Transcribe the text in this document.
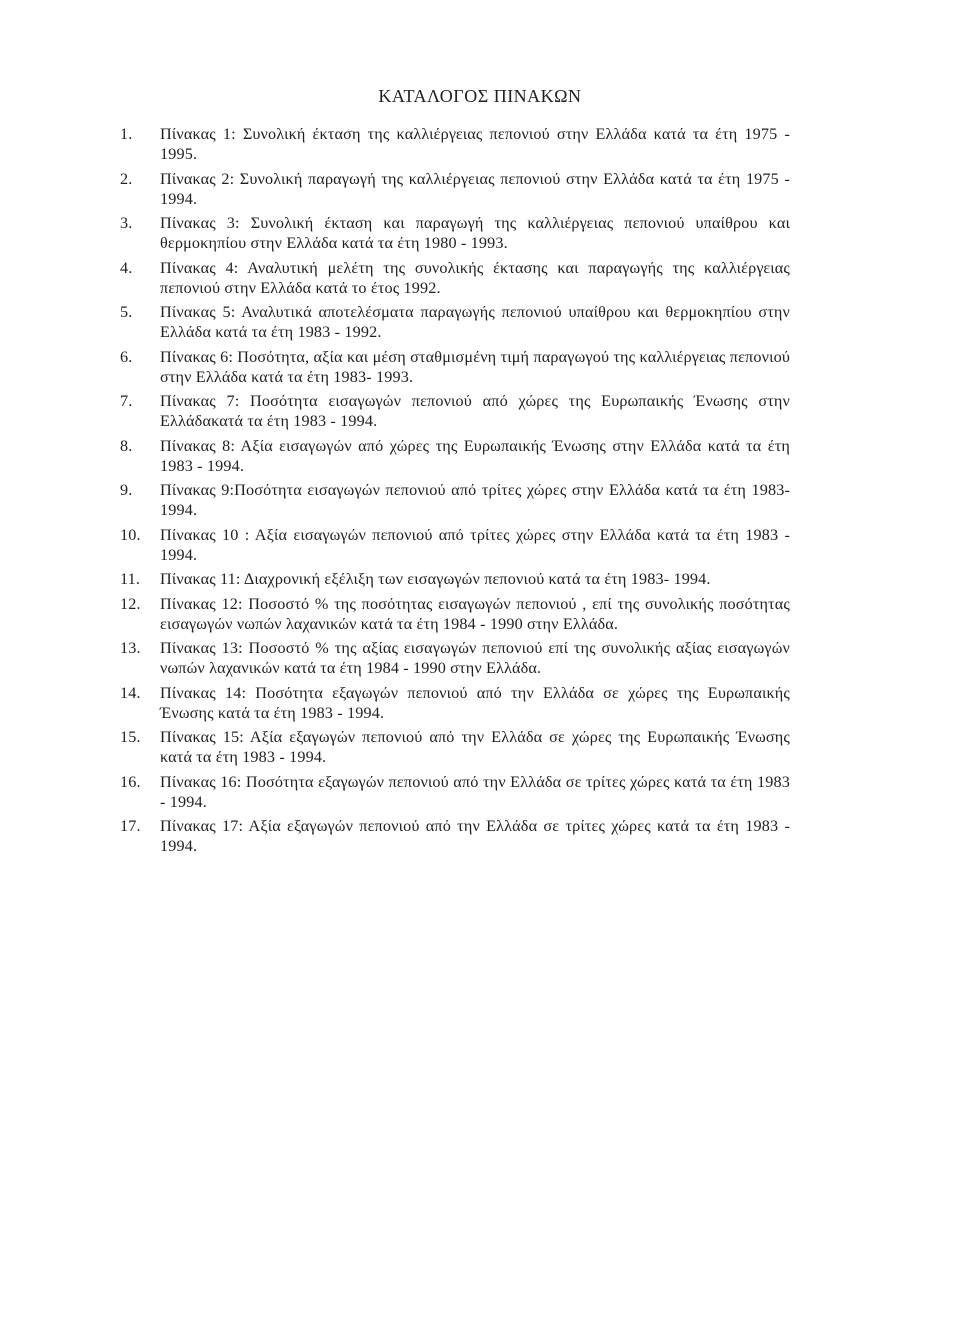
ΚΑΤΑΛΟΓΟΣ ΠΙΝΑΚΩΝ
1.	Πίνακας 1: Συνολική έκταση της καλλιέργειας πεπονιού στην Ελλάδα κατά τα έτη 1975 - 1995.
2.	Πίνακας 2: Συνολική παραγωγή της καλλιέργειας πεπονιού στην Ελλάδα κατά τα έτη 1975 - 1994.
3.	Πίνακας 3: Συνολική έκταση και παραγωγή της καλλιέργειας πεπονιού υπαίθρου και θερμοκηπίου στην Ελλάδα κατά τα έτη 1980 - 1993.
4.	Πίνακας 4: Αναλυτική μελέτη της συνολικής έκτασης και παραγωγής της καλλιέργειας πεπονιού στην Ελλάδα κατά το έτος 1992.
5.	Πίνακας 5: Αναλυτικά αποτελέσματα παραγωγής πεπονιού υπαίθρου και θερμοκηπίου στην Ελλάδα κατά τα έτη 1983 - 1992.
6.	Πίνακας 6: Ποσότητα, αξία και μέση σταθμισμένη τιμή παραγωγού της καλλιέργειας πεπονιού στην Ελλάδα κατά τα έτη 1983- 1993.
7.	Πίνακας 7: Ποσότητα εισαγωγών πεπονιού από χώρες της Ευρωπαικής Ένωσης στην Ελλάδακατά τα έτη 1983 - 1994.
8.	Πίνακας 8: Αξία εισαγωγών από χώρες της Ευρωπαικής Ένωσης στην Ελλάδα κατά τα έτη 1983 - 1994.
9.	Πίνακας 9:Ποσότητα εισαγωγών πεπονιού από τρίτες χώρες στην Ελλάδα κατά τα έτη 1983- 1994.
10.	Πίνακας 10 : Αξία εισαγωγών πεπονιού από τρίτες χώρες στην Ελλάδα κατά τα έτη 1983 - 1994.
11.	Πίνακας 11: Διαχρονική εξέλιξη των εισαγωγών πεπονιού κατά τα έτη 1983- 1994.
12.	Πίνακας 12: Ποσοστό % της ποσότητας εισαγωγών πεπονιού , επί της συνολικής ποσότητας εισαγωγών νωπών λαχανικών κατά τα έτη 1984 - 1990 στην Ελλάδα.
13.	Πίνακας 13: Ποσοστό % της αξίας εισαγωγών πεπονιού επί της συνολικής αξίας εισαγωγών νωπών λαχανικών κατά τα έτη 1984 - 1990 στην Ελλάδα.
14.	Πίνακας 14: Ποσότητα εξαγωγών πεπονιού από την Ελλάδα σε χώρες της Ευρωπαικής Ένωσης κατά τα έτη 1983 - 1994.
15.	Πίνακας 15: Αξία εξαγωγών πεπονιού από την Ελλάδα σε χώρες της Ευρωπαικής Ένωσης κατά τα έτη 1983 - 1994.
16.	Πίνακας 16: Ποσότητα εξαγωγών πεπονιού από την Ελλάδα σε τρίτες χώρες κατά τα έτη 1983 - 1994.
17.	Πίνακας 17: Αξία εξαγωγών πεπονιού από την Ελλάδα σε τρίτες χώρες κατά τα έτη 1983 - 1994.
